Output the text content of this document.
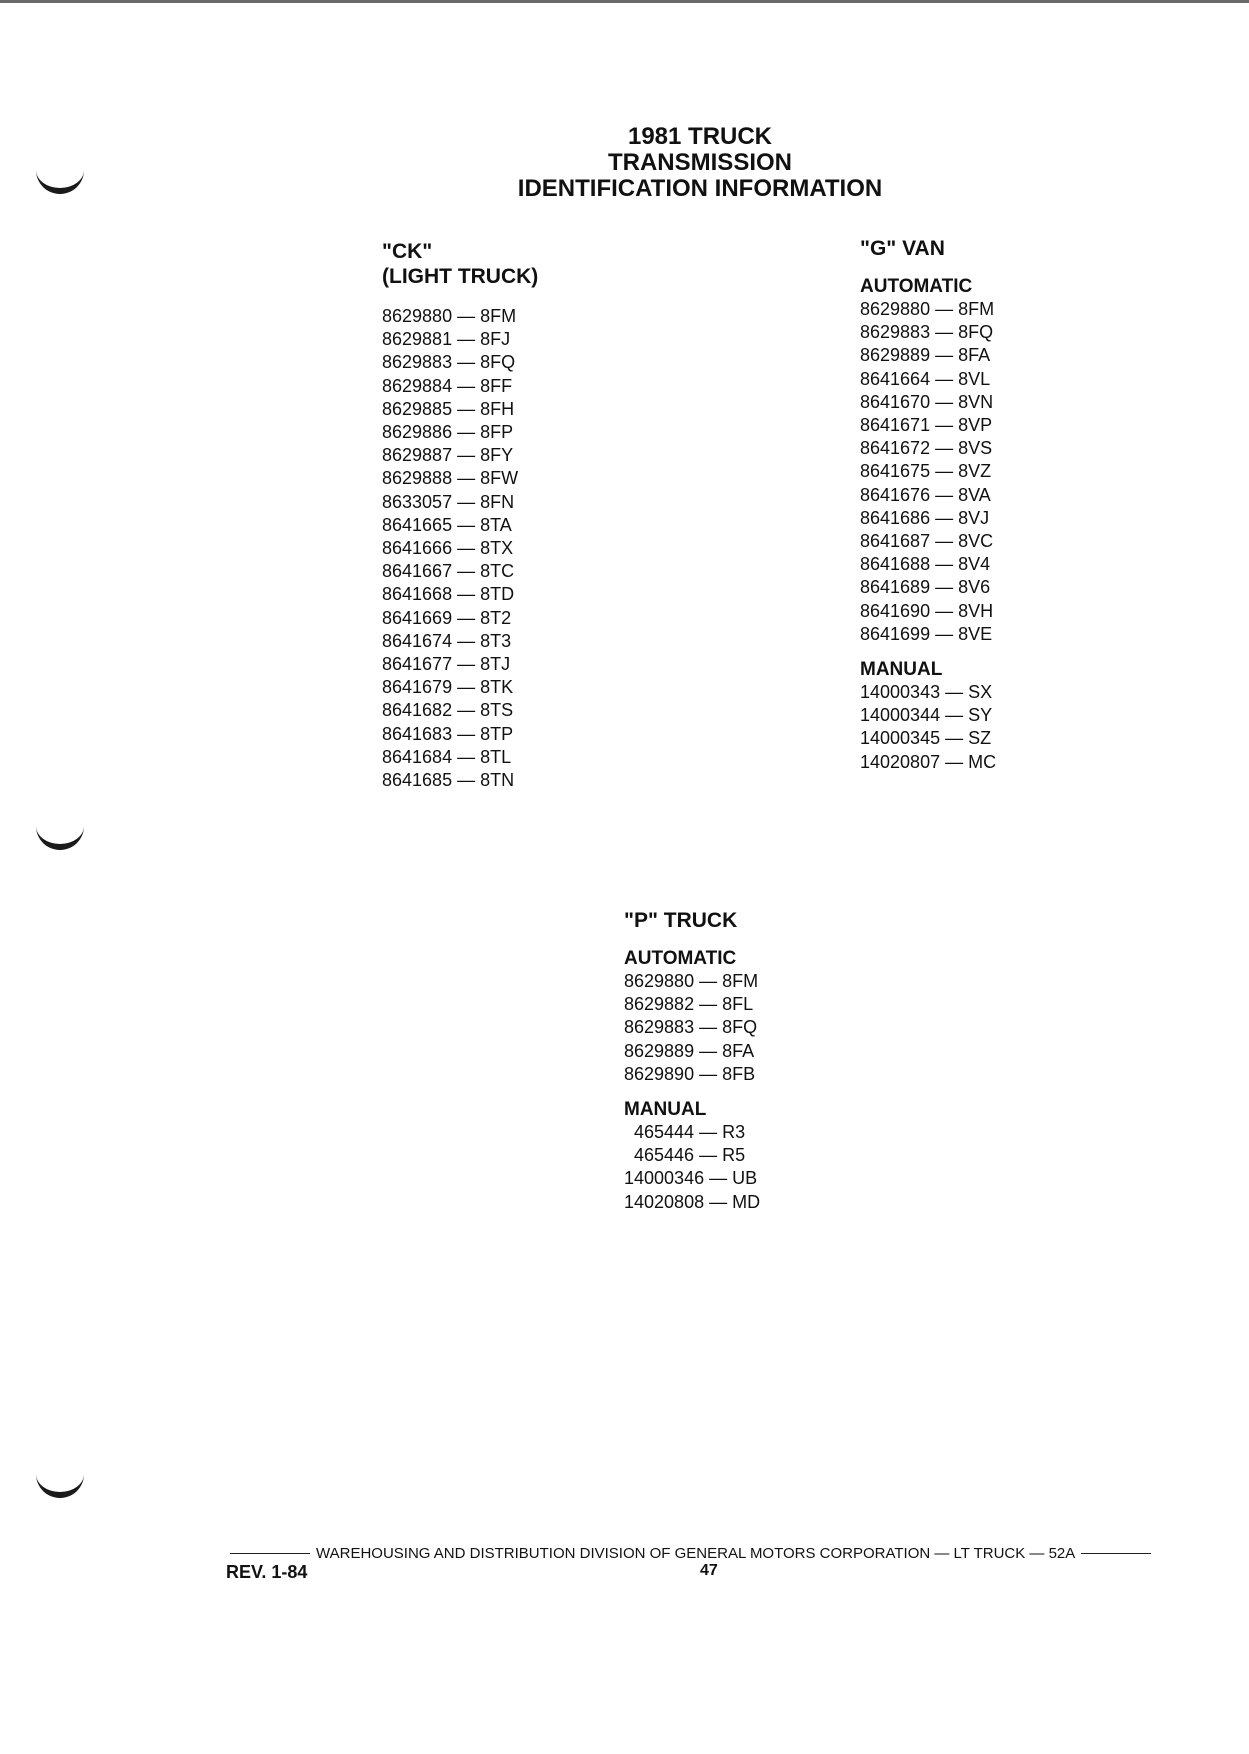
1981 TRUCK
TRANSMISSION
IDENTIFICATION INFORMATION
"CK"
(LIGHT TRUCK)
8629880 — 8FM
8629881 — 8FJ
8629883 — 8FQ
8629884 — 8FF
8629885 — 8FH
8629886 — 8FP
8629887 — 8FY
8629888 — 8FW
8633057 — 8FN
8641665 — 8TA
8641666 — 8TX
8641667 — 8TC
8641668 — 8TD
8641669 — 8T2
8641674 — 8T3
8641677 — 8TJ
8641679 — 8TK
8641682 — 8TS
8641683 — 8TP
8641684 — 8TL
8641685 — 8TN
"G" VAN
AUTOMATIC
8629880 — 8FM
8629883 — 8FQ
8629889 — 8FA
8641664 — 8VL
8641670 — 8VN
8641671 — 8VP
8641672 — 8VS
8641675 — 8VZ
8641676 — 8VA
8641686 — 8VJ
8641687 — 8VC
8641688 — 8V4
8641689 — 8V6
8641690 — 8VH
8641699 — 8VE
MANUAL
14000343 — SX
14000344 — SY
14000345 — SZ
14020807 — MC
"P" TRUCK
AUTOMATIC
8629880 — 8FM
8629882 — 8FL
8629883 — 8FQ
8629889 — 8FA
8629890 — 8FB
MANUAL
465444 — R3
465446 — R5
14000346 — UB
14020808 — MD
WAREHOUSING AND DISTRIBUTION DIVISION OF GENERAL MOTORS CORPORATION — LT TRUCK — 52A
REV. 1-84	47
